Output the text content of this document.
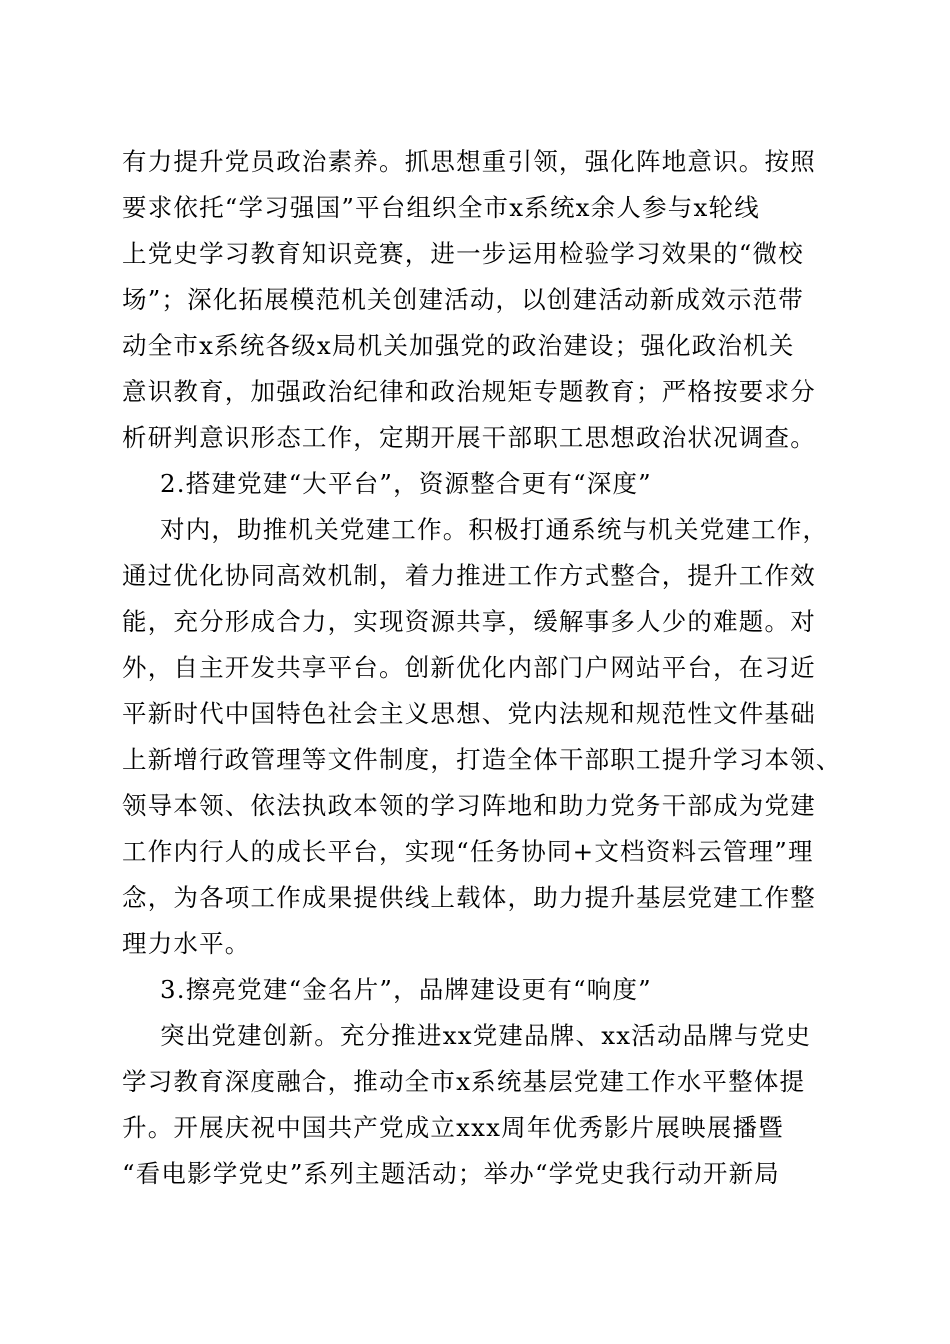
有力提升党员政治素养。抓思想重引领，强化阵地意识。按照
要求依托“学习强国”平台组织全市x系统x余人参与x轮线
上党史学习教育知识竞赛，进一步运用检验学习效果的“微校
场”；深化拓展模范机关创建活动，以创建活动新成效示范带
动全市x系统各级x局机关加强党的政治建设；强化政治机关
意识教育，加强政治纪律和政治规矩专题教育；严格按要求分
析研判意识形态工作，定期开展干部职工思想政治状况调查。
2.搭建党建“大平台”，资源整合更有“深度”
对内，助推机关党建工作。积极打通系统与机关党建工作，
通过优化协同高效机制，着力推进工作方式整合，提升工作效
能，充分形成合力，实现资源共享，缓解事多人少的难题。对
外，自主开发共享平台。创新优化内部门户网站平台，在习近
平新时代中国特色社会主义思想、党内法规和规范性文件基础
上新增行政管理等文件制度，打造全体干部职工提升学习本领、
领导本领、依法执政本领的学习阵地和助力党务干部成为党建
工作内行人的成长平台，实现“任务协同+文档资料云管理”理
念，为各项工作成果提供线上载体，助力提升基层党建工作整
理力水平。
3.擦亮党建“金名片”，品牌建设更有“响度”
突出党建创新。充分推进xx党建品牌、xx活动品牌与党史
学习教育深度融合，推动全市x系统基层党建工作水平整体提
升。开展庆祝中国共产党成立xxx周年优秀影片展映展播暨
“看电影学党史”系列主题活动；举办“学党史我行动开新局
